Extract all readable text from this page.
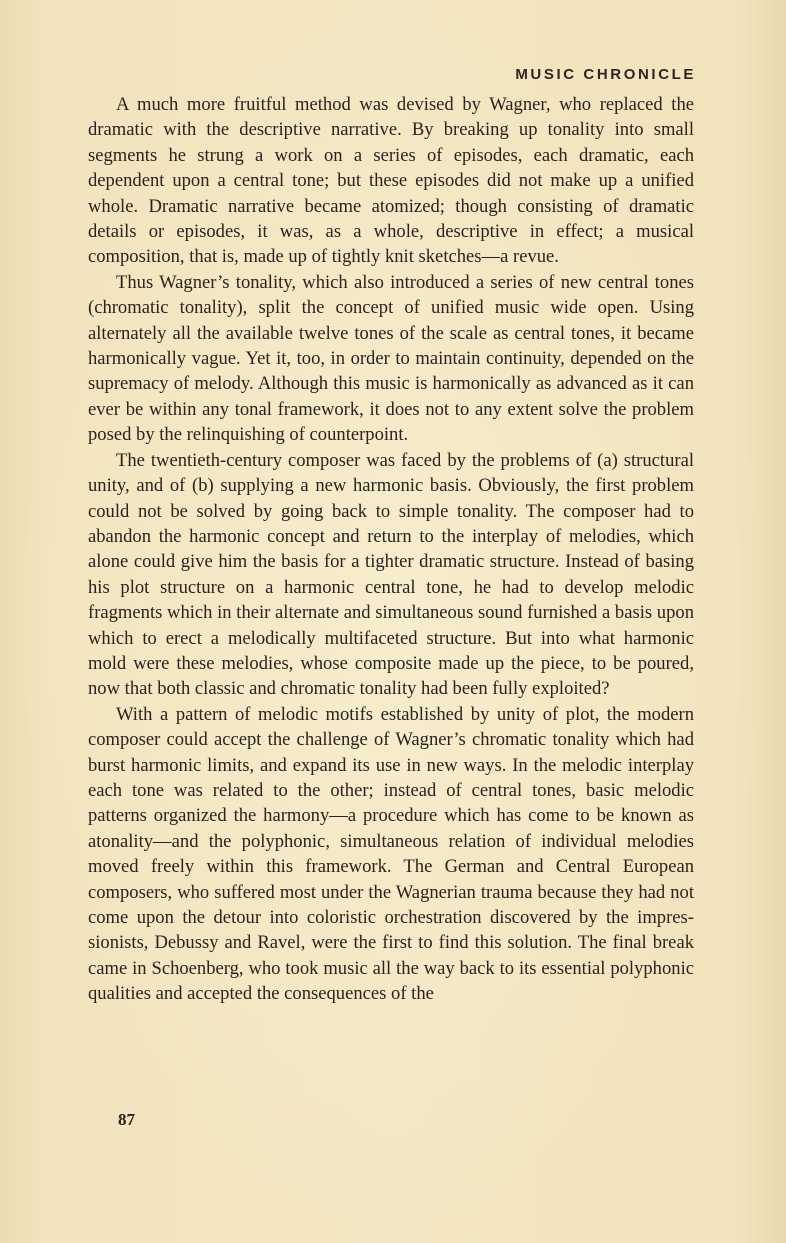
MUSIC CHRONICLE

A much more fruitful method was devised by Wagner, who replaced the dramatic with the descriptive narrative. By breaking up tonality into small segments he strung a work on a series of episodes, each dramatic, each dependent upon a central tone; but these episodes did not make up a unified whole. Dramatic narrative became atomized; though consisting of dramatic details or episodes, it was, as a whole, descriptive in effect; a musical composition, that is, made up of tightly knit sketches—a revue.

Thus Wagner’s tonality, which also introduced a series of new central tones (chromatic tonality), split the concept of unified music wide open. Using alternately all the available twelve tones of the scale as central tones, it became harmonically vague. Yet it, too, in order to maintain continuity, depended on the supremacy of melody. Although this music is harmonically as advanced as it can ever be within any tonal framework, it does not to any extent solve the problem posed by the relinquishing of counterpoint.

The twentieth-century composer was faced by the problems of (a) structural unity, and of (b) supplying a new harmonic basis. Obviously, the first problem could not be solved by going back to simple tonality. The composer had to abandon the harmonic concept and return to the interplay of melodies, which alone could give him the basis for a tighter dramatic structure. Instead of basing his plot structure on a harmonic central tone, he had to develop melodic fragments which in their alternate and simultaneous sound furnished a basis upon which to erect a melodically multifaceted structure. But into what harmonic mold were these melodies, whose composite made up the piece, to be poured, now that both classic and chromatic tonality had been fully exploited?

With a pattern of melodic motifs established by unity of plot, the modern composer could accept the challenge of Wagner’s chromatic tonality which had burst harmonic limits, and expand its use in new ways. In the melodic interplay each tone was related to the other; instead of central tones, basic melodic patterns organized the harmony—a procedure which has come to be known as atonality—and the polyphonic, simultaneous relation of individual melodies moved freely within this framework. The German and Central European composers, who suffered most under the Wagnerian trauma because they had not come upon the detour into coloristic orchestration discovered by the impressionists, Debussy and Ravel, were the first to find this solution. The final break came in Schoenberg, who took music all the way back to its essential polyphonic qualities and accepted the consequences of the

87
